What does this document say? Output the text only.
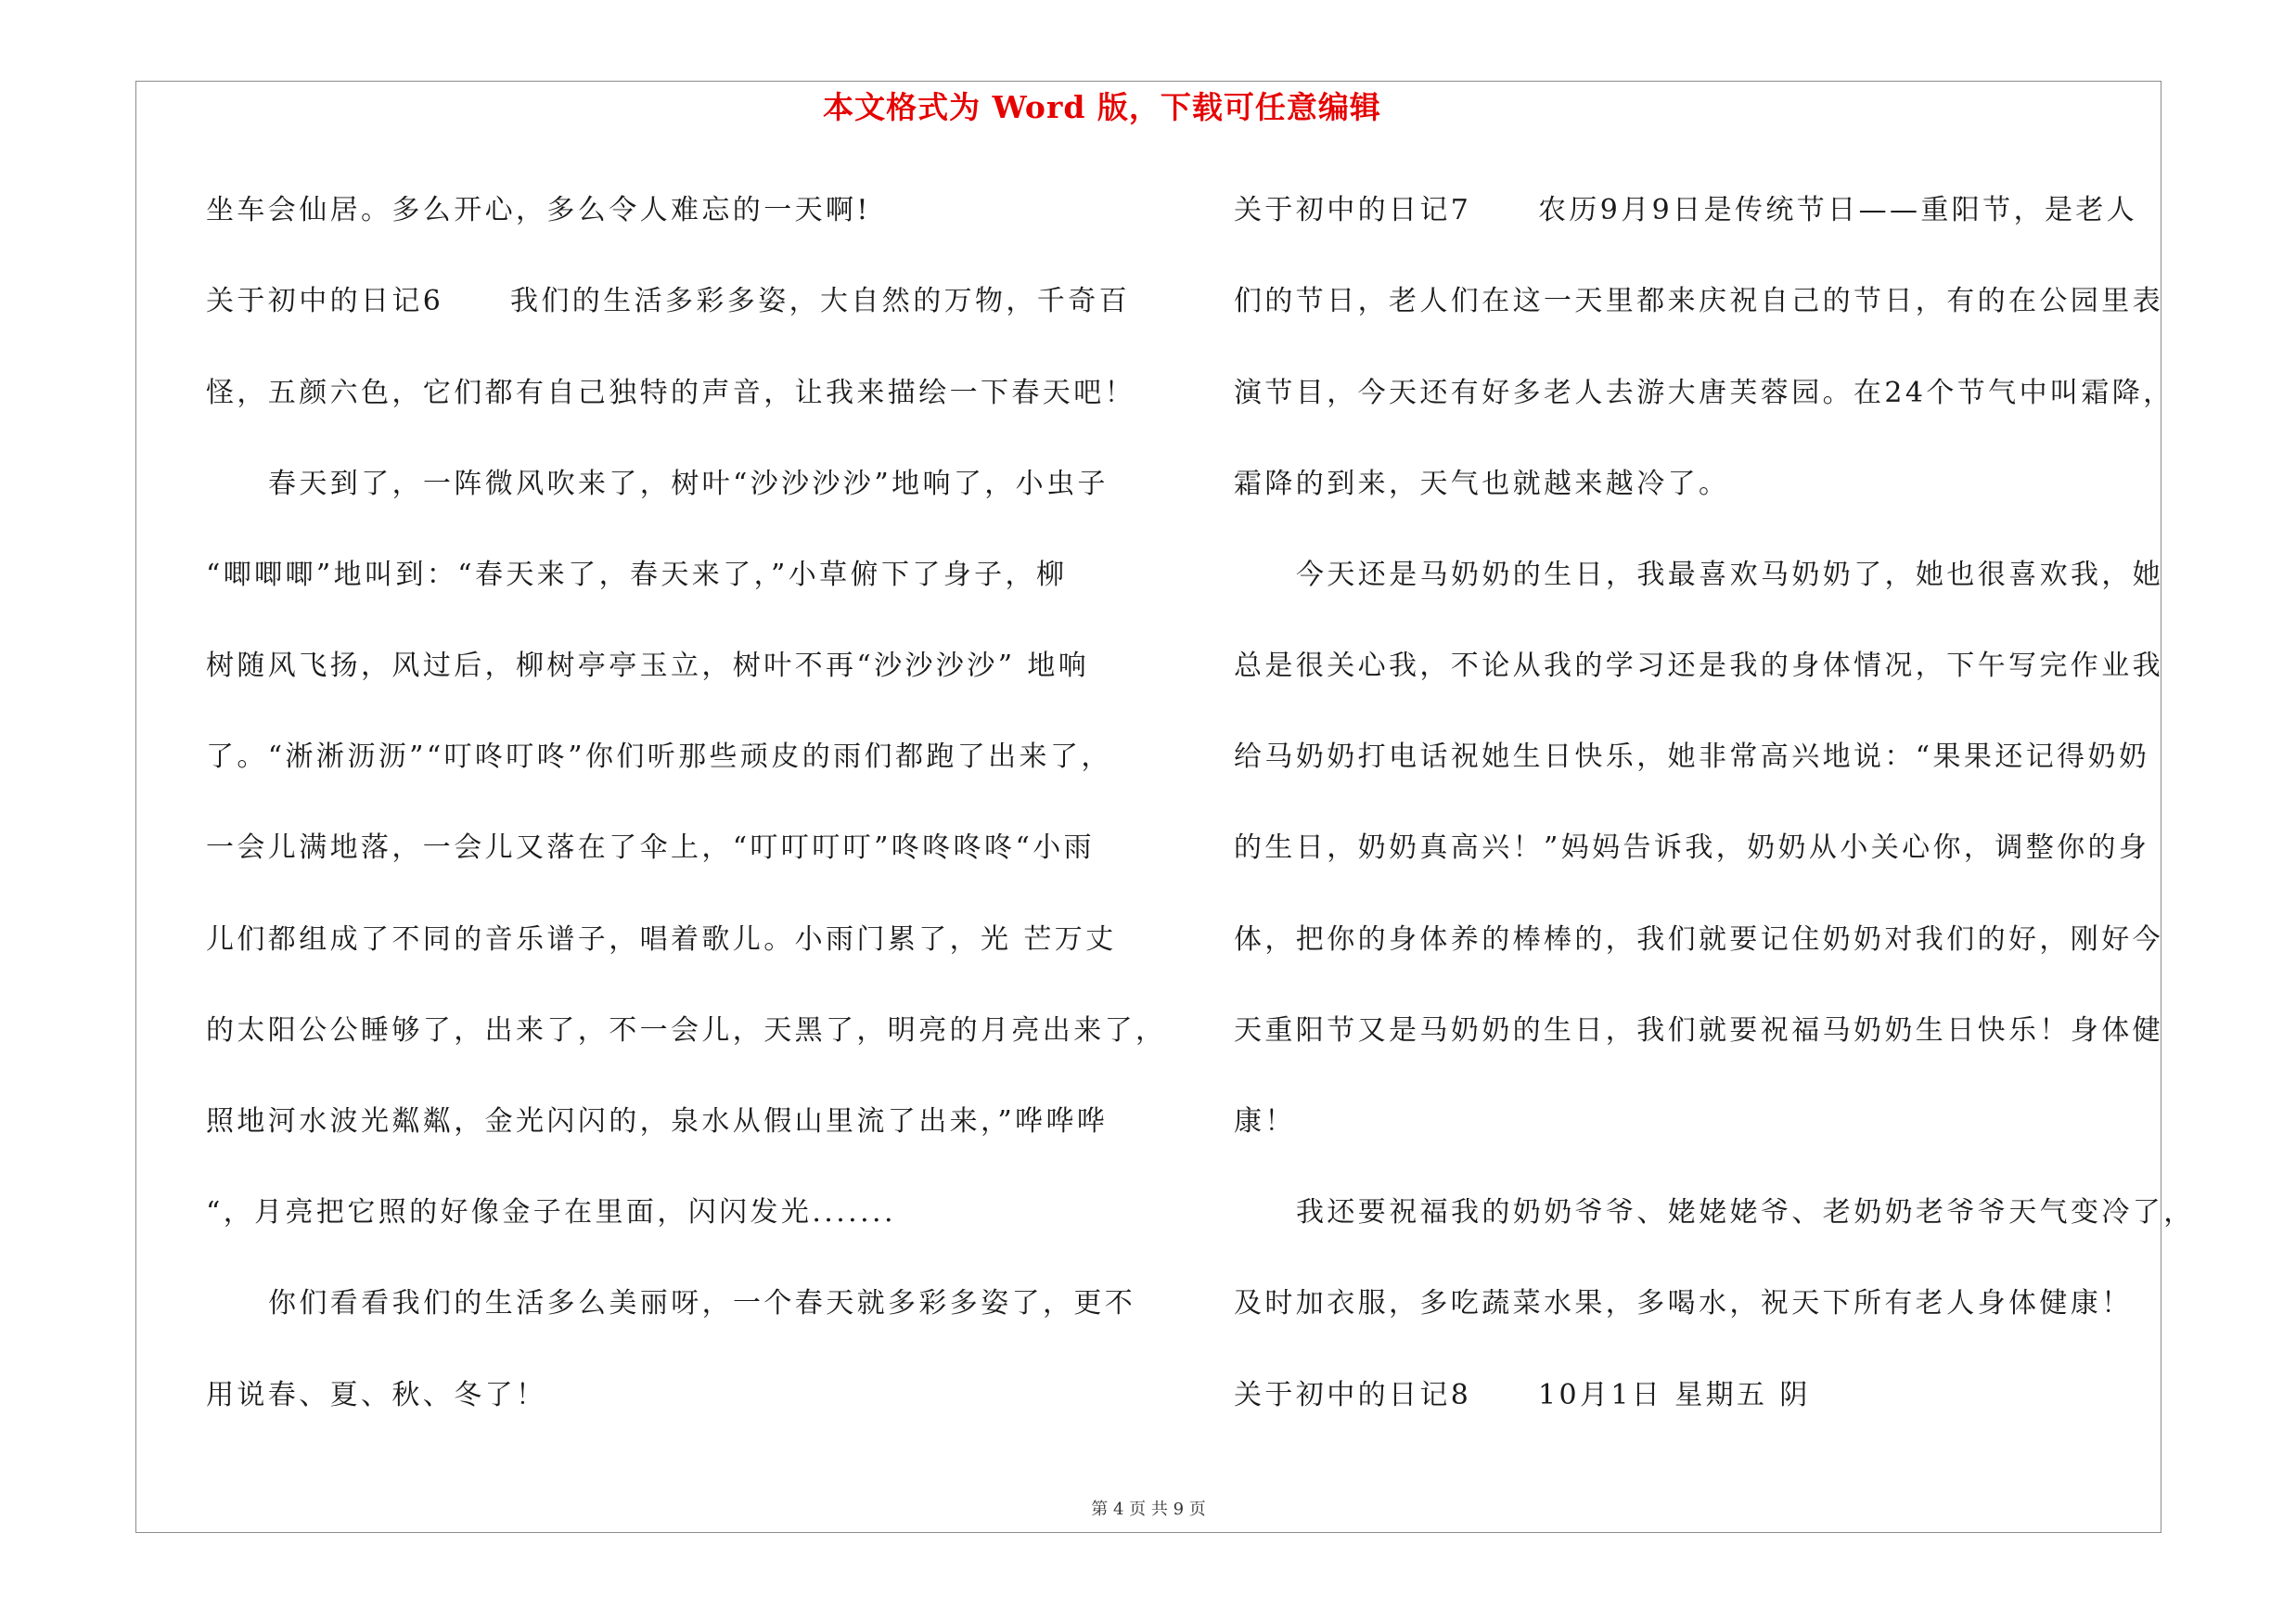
本文格式为 Word 版，下载可任意编辑
坐车会仙居。多么开心，多么令人难忘的一天啊!
关于初中的日记6 我们的生活多彩多姿，大自然的万物，千奇百
怪，五颜六色，它们都有自己独特的声音，让我来描绘一下春天吧！
春天到了，一阵微风吹来了，树叶“沙沙沙沙”地响了，小虫子
“唧唧唧”地叫到：“春天来了，春天来了，”小草俯下了身子，柳
树随风飞扬，风过后，柳树亭亭玉立，树叶不再“沙沙沙沙” 地响
了。“淅淅沥沥”“叮咚叮咚”你们听那些顽皮的雨们都跑了出来了，
一会儿满地落，一会儿又落在了伞上，“叮叮叮叮”咚咚咚咚“小雨
儿们都组成了不同的音乐谱子，唱着歌儿。小雨门累了，光 芒万丈
的太阳公公睡够了，出来了，不一会儿，天黑了，明亮的月亮出来了，
照地河水波光粼粼，金光闪闪的，泉水从假山里流了出来，”哗哗哗
“，月亮把它照的好像金子在里面，闪闪发光.......
你们看看我们的生活多么美丽呀，一个春天就多彩多姿了，更不
用说春、夏、秋、冬了！
关于初中的日记7 农历9月9日是传统节日——重阳节，是老人
们的节日，老人们在这一天里都来庆祝自己的节日，有的在公园里表
演节目，今天还有好多老人去游大唐芙蓉园。在24个节气中叫霜降，
霜降的到来，天气也就越来越冷了。
今天还是马奶奶的生日，我最喜欢马奶奶了，她也很喜欢我，她
总是很关心我，不论从我的学习还是我的身体情况，下午写完作业我
给马奶奶打电话祝她生日快乐，她非常高兴地说：“果果还记得奶奶
的生日，奶奶真高兴！”妈妈告诉我，奶奶从小关心你，调整你的身
体，把你的身体养的棒棒的，我们就要记住奶奶对我们的好，刚好今
天重阳节又是马奶奶的生日，我们就要祝福马奶奶生日快乐！身体健
康！
我还要祝福我的奶奶爷爷、姥姥姥爷、老奶奶老爷爷天气变冷了，
及时加衣服，多吃蔬菜水果，多喝水，祝天下所有老人身体健康！
关于初中的日记8 10月1日 星期五 阴
第 4 页 共 9 页
